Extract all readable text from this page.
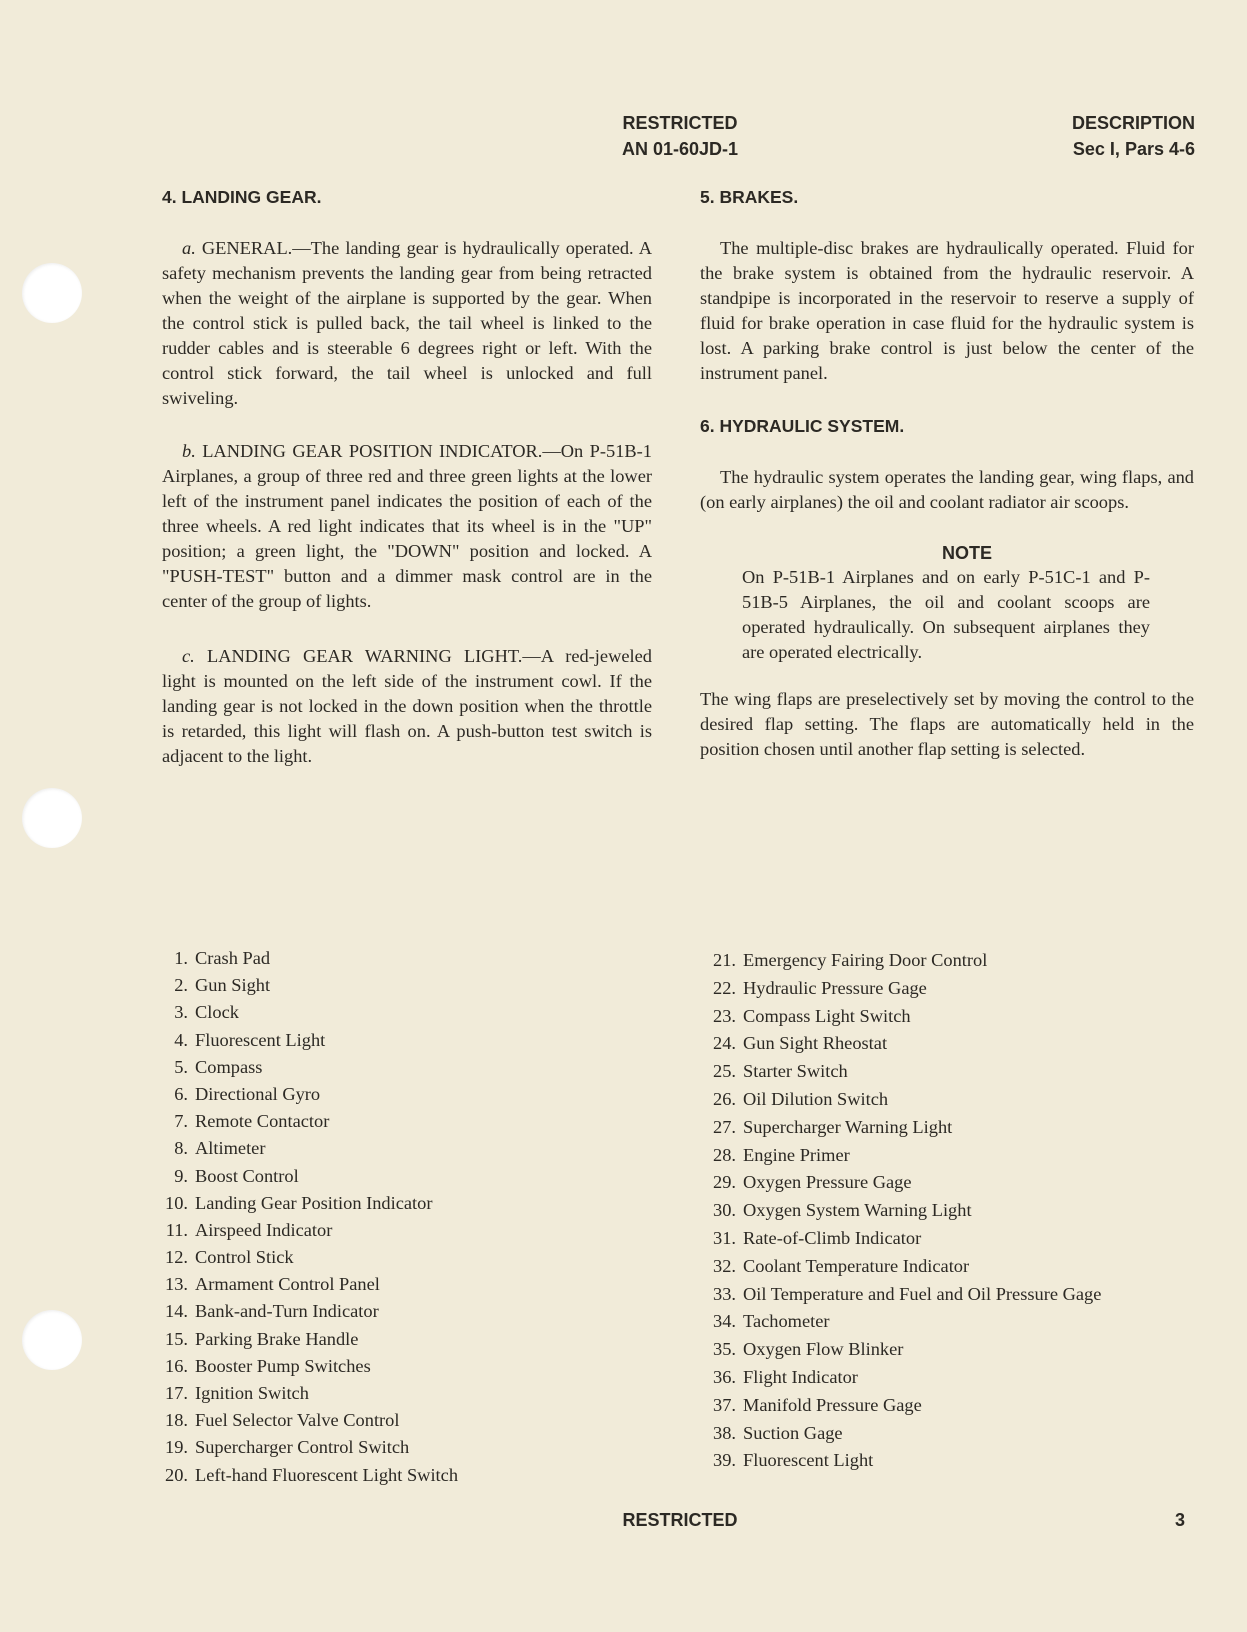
RESTRICTED
AN 01-60JD-1
DESCRIPTION
Sec I, Pars 4-6
4. LANDING GEAR.

a. GENERAL.—The landing gear is hydraulically operated. A safety mechanism prevents the landing gear from being retracted when the weight of the airplane is supported by the gear. When the control stick is pulled back, the tail wheel is linked to the rudder cables and is steerable 6 degrees right or left. With the control stick forward, the tail wheel is unlocked and full swiveling.

b. LANDING GEAR POSITION INDICATOR.—On P-51B-1 Airplanes, a group of three red and three green lights at the lower left of the instrument panel indicates the position of each of the three wheels. A red light indicates that its wheel is in the "UP" position; a green light, the "DOWN" position and locked. A "PUSH-TEST" button and a dimmer mask control are in the center of the group of lights.

c. LANDING GEAR WARNING LIGHT.—A red-jeweled light is mounted on the left side of the instrument cowl. If the landing gear is not locked in the down position when the throttle is retarded, this light will flash on. A push-button test switch is adjacent to the light.

5. BRAKES.

The multiple-disc brakes are hydraulically operated. Fluid for the brake system is obtained from the hydraulic reservoir. A standpipe is incorporated in the reservoir to reserve a supply of fluid for brake operation in case fluid for the hydraulic system is lost. A parking brake control is just below the center of the instrument panel.

6. HYDRAULIC SYSTEM.

The hydraulic system operates the landing gear, wing flaps, and (on early airplanes) the oil and coolant radiator air scoops.

NOTE

On P-51B-1 Airplanes and on early P-51C-1 and P-51B-5 Airplanes, the oil and coolant scoops are operated hydraulically. On subsequent airplanes they are operated electrically.

The wing flaps are preselectively set by moving the control to the desired flap setting. The flaps are automatically held in the position chosen until another flap setting is selected.

1. Crash Pad
2. Gun Sight
3. Clock
4. Fluorescent Light
5. Compass
6. Directional Gyro
7. Remote Contactor
8. Altimeter
9. Boost Control
10. Landing Gear Position Indicator
11. Airspeed Indicator
12. Control Stick
13. Armament Control Panel
14. Bank-and-Turn Indicator
15. Parking Brake Handle
16. Booster Pump Switches
17. Ignition Switch
18. Fuel Selector Valve Control
19. Supercharger Control Switch
20. Left-hand Fluorescent Light Switch
21. Emergency Fairing Door Control
22. Hydraulic Pressure Gage
23. Compass Light Switch
24. Gun Sight Rheostat
25. Starter Switch
26. Oil Dilution Switch
27. Supercharger Warning Light
28. Engine Primer
29. Oxygen Pressure Gage
30. Oxygen System Warning Light
31. Rate-of-Climb Indicator
32. Coolant Temperature Indicator
33. Oil Temperature and Fuel and Oil Pressure Gage
34. Tachometer
35. Oxygen Flow Blinker
36. Flight Indicator
37. Manifold Pressure Gage
38. Suction Gage
39. Fluorescent Light
RESTRICTED	3
